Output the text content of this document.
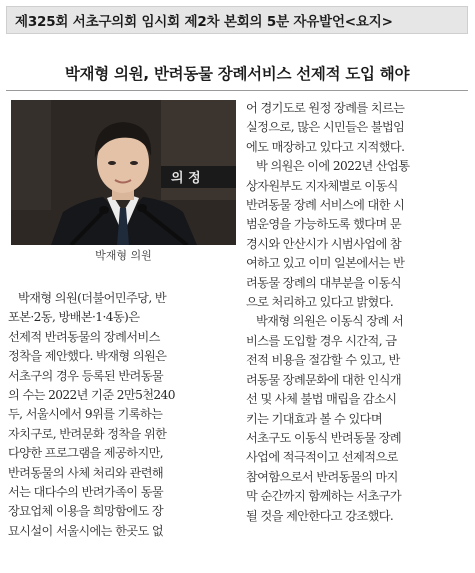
제325회 서초구의회 임시회 제2차 본회의 5분 자유발언<요지>
박재형 의원, 반려동물 장례서비스 선제적 도입 해야
의 정
박재형 의원

박재형 의원(더불어민주당, 반

포본·2동, 방배본·1·4동)은

선제적 반려동물의 장례서비스

정착을 제안했다. 박재형 의원은

서초구의 경우 등록된 반려동물

의 수는 2022년 기준 2만5천240

두, 서울시에서 9위를 기록하는

자치구로, 반려문화 정착을 위한

다양한 프로그램을 제공하지만,

반려동물의 사체 처리와 관련해

서는 대다수의 반려가족이 동물

장묘업체 이용을 희망함에도 장

묘시설이 서울시에는 한곳도 없

어 경기도로 원정 장례를 치르는

실정으로, 많은 시민들은 불법임

에도 매장하고 있다고 지적했다.

박 의원은 이에 2022년 산업통

상자원부도 지자체별로 이동식

반려동물 장례 서비스에 대한 시

범운영을 가능하도록 했다며 문

경시와 안산시가 시범사업에 참

여하고 있고 이미 일본에서는 반

려동물 장례의 대부분을 이동식

으로 처리하고 있다고 밝혔다.

박재형 의원은 이동식 장례 서

비스를 도입할 경우 시간적, 금

전적 비용을 절감할 수 있고, 반

려동물 장례문화에 대한 인식개

선 및 사체 불법 매립을 감소시

키는 기대효과 볼 수 있다며

서초구도 이동식 반려동물 장례

사업에 적극적이고 선제적으로

참여함으로서 반려동물의 마지

막 순간까지 함께하는 서초구가

될 것을 제안한다고 강조했다.
